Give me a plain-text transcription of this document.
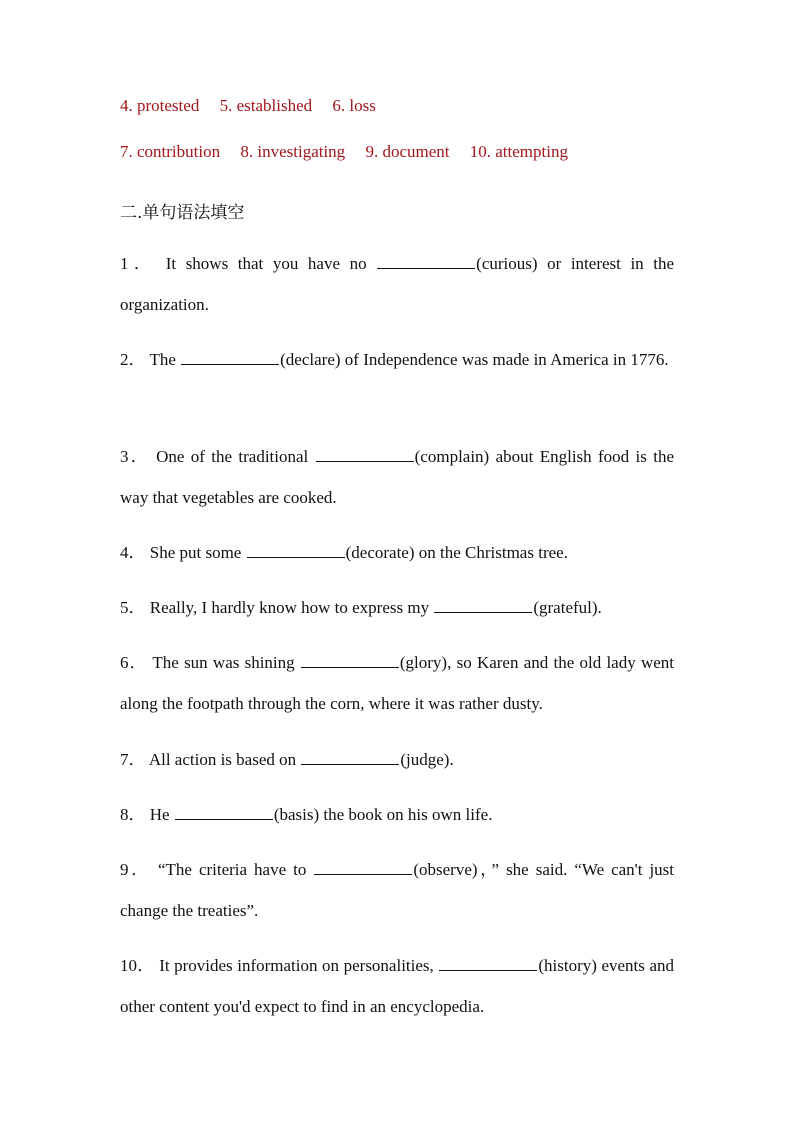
4. protested 5. established 6. loss
7. contribution 8. investigating 9. document 10. attempting
二.单句语法填空
1． It shows that you have no	(curious) or interest in the organization.
2． The	(declare) of Independence was made in America in 1776.
3． One of the traditional	(complain) about English food is the way that vegetables are cooked.
4． She put some	(decorate) on the Christmas tree.
5． Really, I hardly know how to express my	(grateful).
6． The sun was shining	(glory), so Karen and the old lady went along the footpath through the corn, where it was rather dusty.
7． All action is based on	(judge).
8． He	(basis) the book on his own life.
9． “The criteria have to	(observe)，” she said. “We can't just change the treaties”.
10． It provides information on personalities,	(history) events and other content you'd expect to find in an encyclopedia.
